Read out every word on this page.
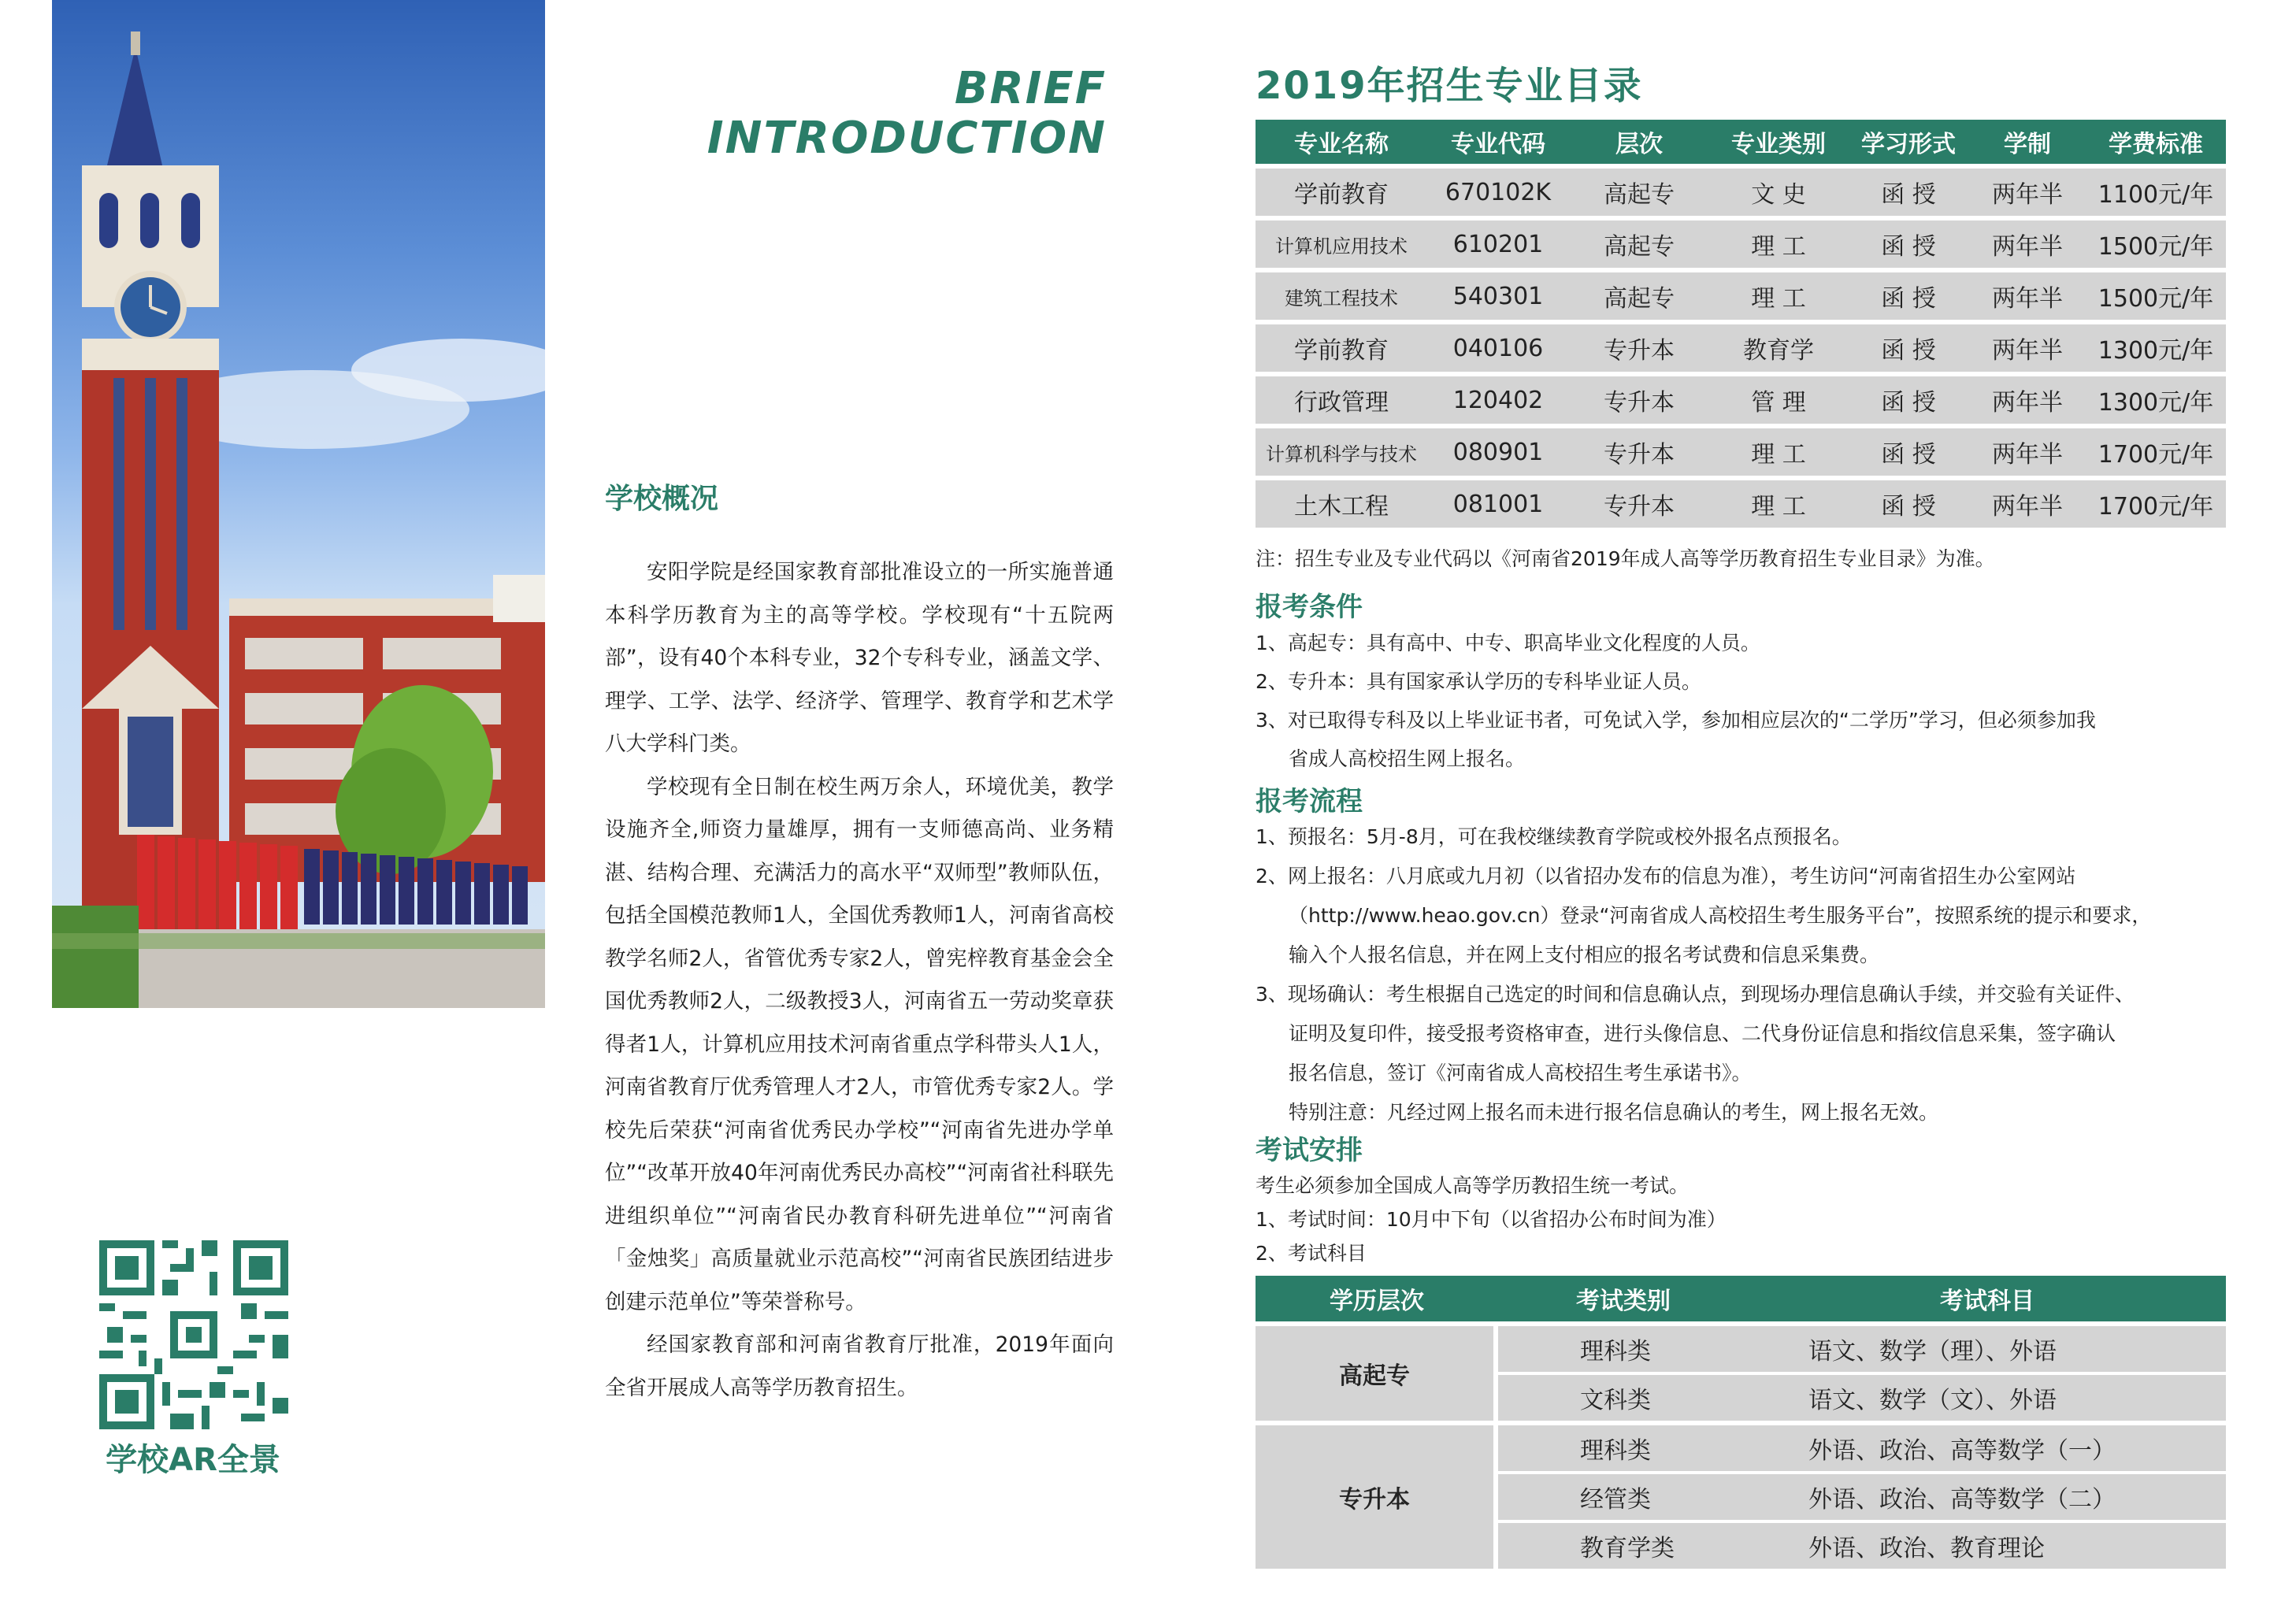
学校AR全景
BRIEF
INTRODUCTION
学校概况

安阳学院是经国家教育部批准设立的一所实施普通本科学历教育为主的高等学校。学校现有“十五院两部”，设有40个本科专业，32个专科专业，涵盖文学、理学、工学、法学、经济学、管理学、教育学和艺术学八大学科门类。

学校现有全日制在校生两万余人，环境优美，教学设施齐全,师资力量雄厚，拥有一支师德高尚、业务精湛、结构合理、充满活力的高水平“双师型”教师队伍，包括全国模范教师1人，全国优秀教师1人，河南省高校教学名师2人，省管优秀专家2人，曾宪梓教育基金会全国优秀教师2人，二级教授3人，河南省五一劳动奖章获得者1人，计算机应用技术河南省重点学科带头人1人，河南省教育厅优秀管理人才2人，市管优秀专家2人。学校先后荣获“河南省优秀民办学校”“河南省先进办学单位”“改革开放40年河南优秀民办高校”“河南省社科联先进组织单位”“河南省民办教育科研先进单位”“河南省「金烛奖」高质量就业示范高校”“河南省民族团结进步创建示范单位”等荣誉称号。

经国家教育部和河南省教育厅批准，2019年面向全省开展成人高等学历教育招生。

2019年招生专业目录
专业名称	专业代码	层次	专业类别	学习形式	学制	学费标准
学前教育	670102K	高起专	文 史	函 授	两年半	1100元/年
计算机应用技术	610201	高起专	理 工	函 授	两年半	1500元/年
建筑工程技术	540301	高起专	理 工	函 授	两年半	1500元/年
学前教育	040106	专升本	教育学	函 授	两年半	1300元/年
行政管理	120402	专升本	管 理	函 授	两年半	1300元/年
计算机科学与技术	080901	专升本	理 工	函 授	两年半	1700元/年
土木工程	081001	专升本	理 工	函 授	两年半	1700元/年
注：招生专业及专业代码以《河南省2019年成人高等学历教育招生专业目录》为准。
报考条件
1、高起专：具有高中、中专、职高毕业文化程度的人员。
2、专升本：具有国家承认学历的专科毕业证人员。
3、对已取得专科及以上毕业证书者，可免试入学，参加相应层次的“二学历”学习，但必须参加我
省成人高校招生网上报名。
报考流程
1、预报名：5月-8月，可在我校继续教育学院或校外报名点预报名。
2、网上报名：八月底或九月初（以省招办发布的信息为准），考生访问“河南省招生办公室网站
（http://www.heao.gov.cn）登录“河南省成人高校招生考生服务平台”，按照系统的提示和要求，
输入个人报名信息，并在网上支付相应的报名考试费和信息采集费。
3、现场确认：考生根据自己选定的时间和信息确认点，到现场办理信息确认手续，并交验有关证件、
证明及复印件，接受报考资格审查，进行头像信息、二代身份证信息和指纹信息采集，签字确认
报名信息，签订《河南省成人高校招生考生承诺书》。
特别注意：凡经过网上报名而未进行报名信息确认的考生，网上报名无效。
考试安排
考生必须参加全国成人高等学历教招生统一考试。
1、考试时间：10月中下旬（以省招办公布时间为准）
2、考试科目
学历层次	考试类别	考试科目

高起专	理科类	语文、数学（理）、外语
	文科类	语文、数学（文）、外语

专升本	理科类	外语、政治、高等数学（一）
	经管类	外语、政治、高等数学（二）
	教育学类	外语、政治、教育理论
